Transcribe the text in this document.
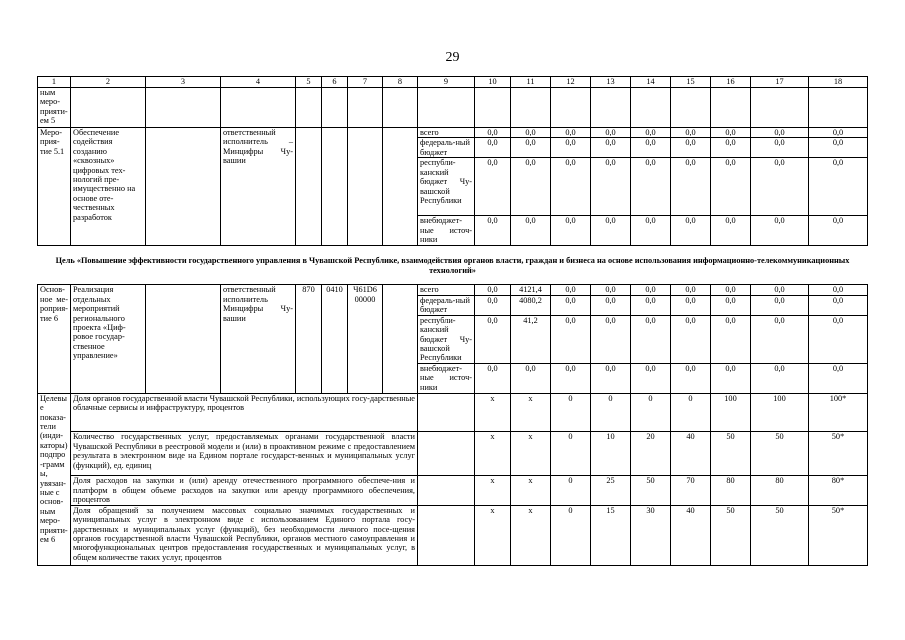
29
1	2	3	4	5	6	7	8	9	10	11	12	13	14	15	16	17	18	
ным меро-прияти-ем 5																		
Меро-прия-тие 5.1	Обеспечение содействия созданию «сквозных» цифровых тех-нологий пре-имущественно на основе оте-чественных разработок		ответственный исполнитель – Минцифры Чу-вашии					всего	0,0	0,0	0,0	0,0	0,0	0,0	0,0	0,0	0,0	
								федераль-ный бюджет	0,0	0,0	0,0	0,0	0,0	0,0	0,0	0,0	0,0	
								республи-канский бюджет Чу-вашской Республики	0,0	0,0	0,0	0,0	0,0	0,0	0,0	0,0	0,0	
								внебюджет-ные источ-ники	0,0	0,0	0,0	0,0	0,0	0,0	0,0	0,0	0,0	
Цель «Повышение эффективности государственного управления в Чувашской Республике, взаимодействия органов власти, граждан и бизнеса на основе использования информационно-телекоммуникационных технологий»																		
Основ-ное ме-роприя-тие 6	Реализация отдельных мероприятий регионального проекта «Циф-ровое государ-ственное управление»		ответственный исполнитель Минцифры Чу-вашии	870	0410	Ч61D6 00000		всего	0,0	4121,4	0,0	0,0	0,0	0,0	0,0	0,0	0,0	
								федераль-ный бюджет	0,0	4080,2	0,0	0,0	0,0	0,0	0,0	0,0	0,0	
								республи-канский бюджет Чу-вашской Республики	0,0	41,2	0,0	0,0	0,0	0,0	0,0	0,0	0,0	
								внебюджет-ные источ-ники	0,0	0,0	0,0	0,0	0,0	0,0	0,0	0,0	0,0	
Целевые показа-тели (инди-каторы) подпро-граммы, увязан-ные с основ-ным меро-прияти-ем 6	Доля органов государственной власти Чувашской Республики, использующих госу-дарственные облачные сервисы и инфраструктуру, процентов								x	x	0	0	0	0	100	100	100*	
	Количество государственных услуг, предоставляемых органами государственной власти Чувашской Республики в реестровой модели и (или) в проактивном режиме с предоставлением результата в электронном виде на Едином портале государст-венных и муниципальных услуг (функций), ед. единиц								x	x	0	10	20	40	50	50	50*	
	Доля расходов на закупки и (или) аренду отечественного программного обеспече-ния и платформ в общем объеме расходов на закупки или аренду программного обеспечения, процентов								x	x	0	25	50	70	80	80	80*	
	Доля обращений за получением массовых социально значимых государственных и муниципальных услуг в электронном виде с использованием Единого портала госу-дарственных и муниципальных услуг (функций), без необходимости личного посе-щения органов государственной власти Чувашской Республики, органов местного самоуправления и многофункциональных центров предоставления государственных и муниципальных услуг, в общем количестве таких услуг, процентов								x	x	0	15	30	40	50	50	50*	
